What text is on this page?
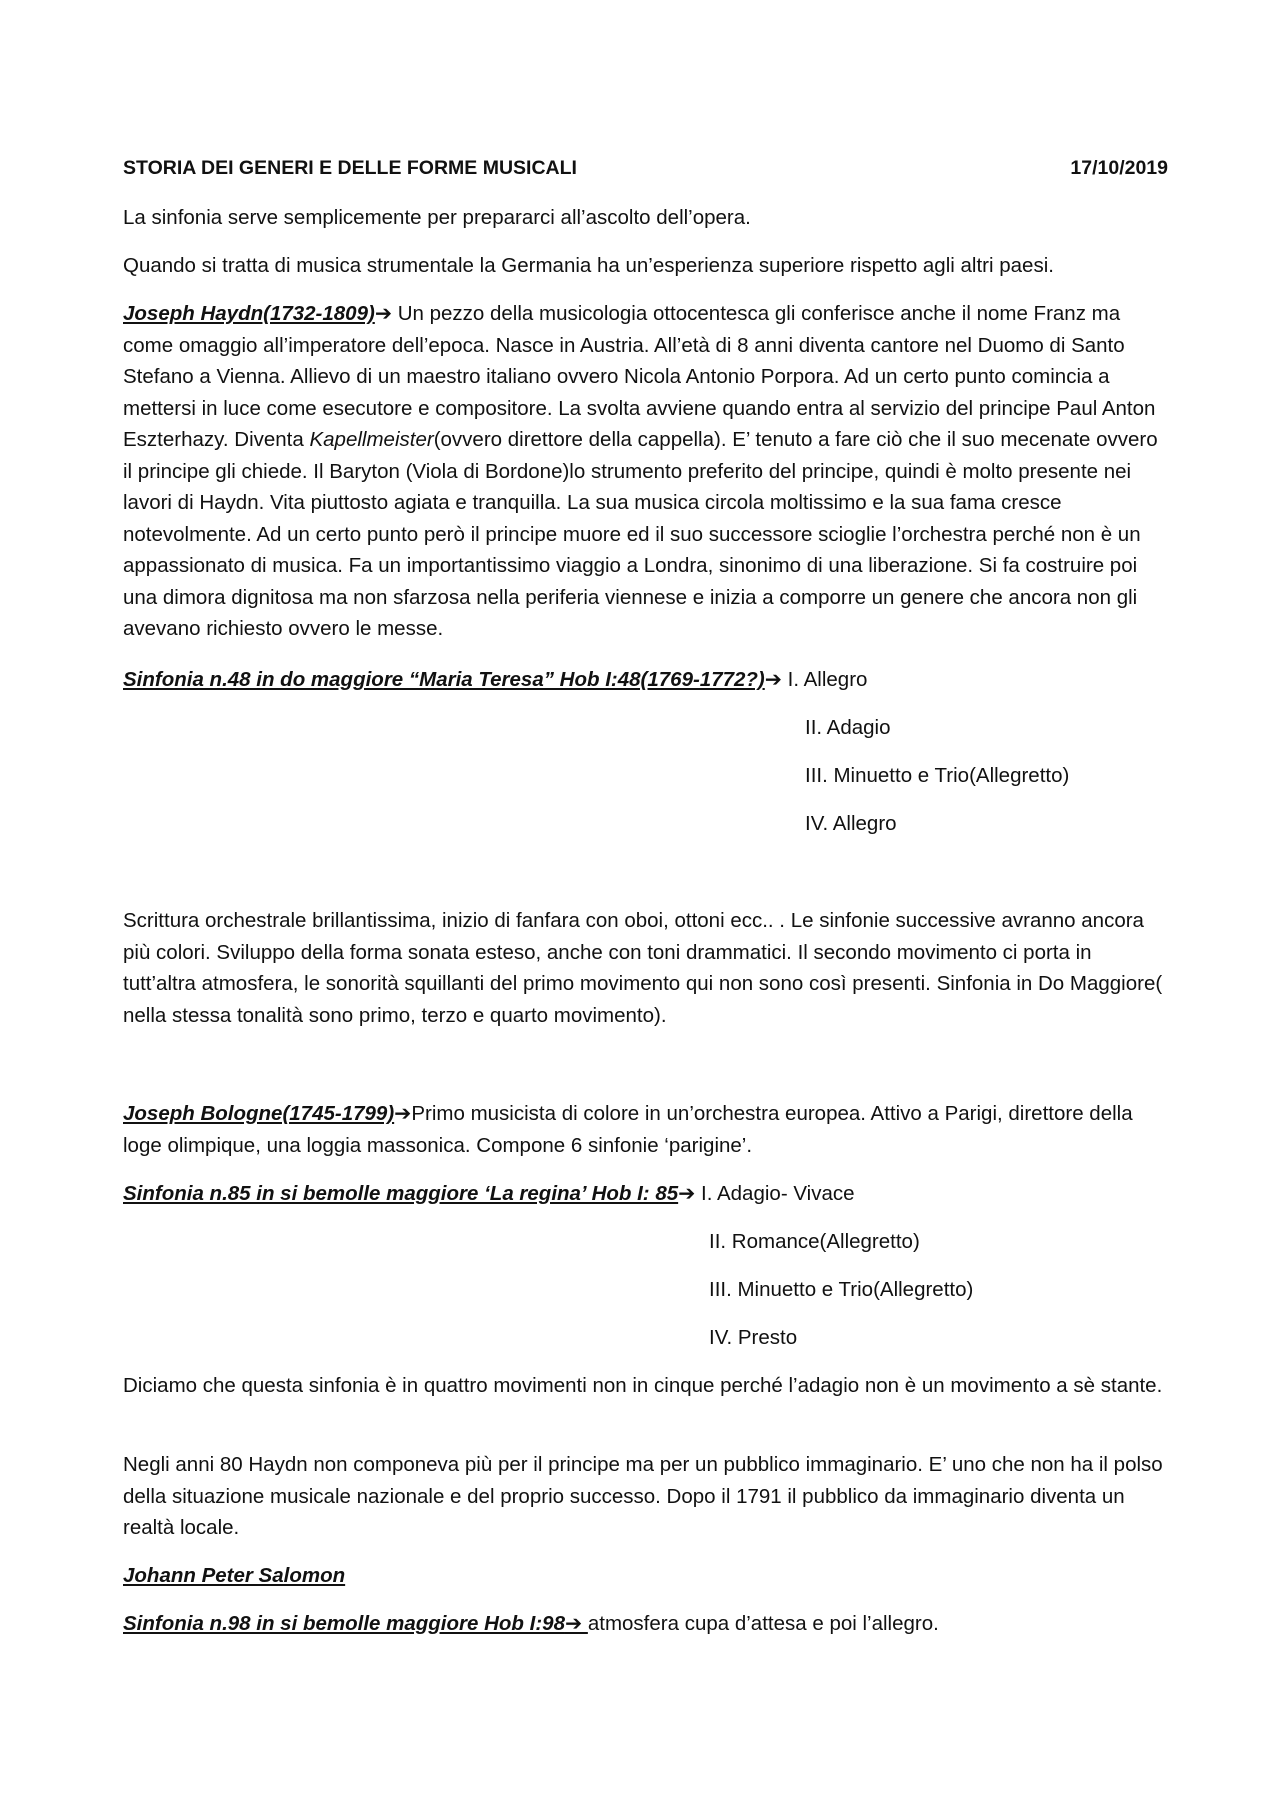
STORIA DEI GENERI E DELLE FORME MUSICALI	17/10/2019

La sinfonia serve semplicemente per prepararci all’ascolto dell’opera.

Quando si tratta di musica strumentale la Germania ha un’esperienza superiore rispetto agli altri paesi.

Joseph Haydn(1732-1809)➔ Un pezzo della musicologia ottocentesca gli conferisce anche il nome Franz ma come omaggio all’imperatore dell’epoca. Nasce in Austria. All’età di 8 anni diventa cantore nel Duomo di Santo Stefano a Vienna. Allievo di un maestro italiano ovvero Nicola Antonio Porpora. Ad un certo punto comincia a mettersi in luce come esecutore e compositore. La svolta avviene quando entra al servizio del principe Paul Anton Eszterhazy. Diventa Kapellmeister(ovvero direttore della cappella). E’ tenuto a fare ciò che il suo mecenate ovvero il principe gli chiede. Il Baryton (Viola di Bordone)lo strumento preferito del principe, quindi è molto presente nei lavori di Haydn. Vita piuttosto agiata e tranquilla. La sua musica circola moltissimo e la sua fama cresce notevolmente. Ad un certo punto però il principe muore ed il suo successore scioglie l’orchestra perché non è un appassionato di musica. Fa un importantissimo viaggio a Londra, sinonimo di una liberazione. Si fa costruire poi una dimora dignitosa ma non sfarzosa nella periferia viennese e inizia a comporre un genere che ancora non gli avevano richiesto ovvero le messe.

Sinfonia n.48 in do maggiore “Maria Teresa” Hob I:48(1769-1772?)➔ I. Allegro

II. Adagio
III. Minuetto e Trio(Allegretto)
IV. Allegro

Scrittura orchestrale brillantissima, inizio di fanfara con oboi, ottoni ecc.. . Le sinfonie successive avranno ancora più colori. Sviluppo della forma sonata esteso, anche con toni drammatici. Il secondo movimento ci porta in tutt’altra atmosfera, le sonorità squillanti del primo movimento qui non sono così presenti. Sinfonia in Do Maggiore( nella stessa tonalità sono primo, terzo e quarto movimento).

Joseph Bologne(1745-1799)➔Primo musicista di colore in un’orchestra europea. Attivo a Parigi, direttore della loge olimpique, una loggia massonica. Compone 6 sinfonie ‘parigine’.

Sinfonia n.85 in si bemolle maggiore ‘La regina’ Hob I: 85➔ I. Adagio- Vivace

II. Romance(Allegretto)
III. Minuetto e Trio(Allegretto)
IV. Presto

Diciamo che questa sinfonia è in quattro movimenti non in cinque perché l’adagio non è un movimento a sè stante.

Negli anni 80 Haydn non componeva più per il principe ma per un pubblico immaginario. E’ uno che non ha il polso della situazione musicale nazionale e del proprio successo. Dopo il 1791 il pubblico da immaginario diventa un realtà locale.

Johann Peter Salomon

Sinfonia n.98 in si bemolle maggiore Hob I:98➔ atmosfera cupa d’attesa e poi l’allegro.
